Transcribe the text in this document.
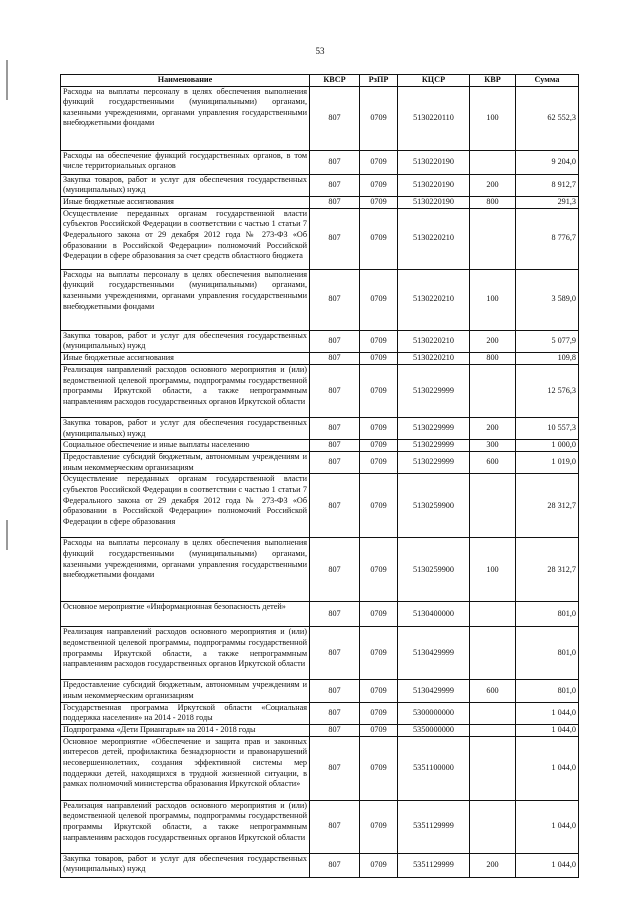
53
Наименование	КВСР	РзПР	КЦСР	КВР	Сумма
Расходы на выплаты персоналу в целях обеспечения выполнения функций государственными (муниципальными) органами, казенными учреждениями, органами управления государственными внебюджетными фондами	807	0709	5130220110	100	62 552,3
Расходы на обеспечение функций государственных органов, в том числе территориальных органов	807	0709	5130220190		9 204,0
Закупка товаров, работ и услуг для обеспечения государственных (муниципальных) нужд	807	0709	5130220190	200	8 912,7
Иные бюджетные ассигнования	807	0709	5130220190	800	291,3
Осуществление переданных органам государственной власти субъектов Российской Федерации в соответствии с частью 1 статьи 7 Федерального закона от 29 декабря 2012 года № 273-ФЗ «Об образовании в Российской Федерации» полномочий Российской Федерации в сфере образования за счет средств областного бюджета	807	0709	5130220210		8 776,7
Расходы на выплаты персоналу в целях обеспечения выполнения функций государственными (муниципальными) органами, казенными учреждениями, органами управления государственными внебюджетными фондами	807	0709	5130220210	100	3 589,0
Закупка товаров, работ и услуг для обеспечения государственных (муниципальных) нужд	807	0709	5130220210	200	5 077,9
Иные бюджетные ассигнования	807	0709	5130220210	800	109,8
Реализация направлений расходов основного мероприятия и (или) ведомственной целевой программы, подпрограммы государственной программы Иркутской области, а также непрограммным направлениям расходов государственных органов Иркутской области	807	0709	5130229999		12 576,3
Закупка товаров, работ и услуг для обеспечения государственных (муниципальных) нужд	807	0709	5130229999	200	10 557,3
Социальное обеспечение и иные выплаты населению	807	0709	5130229999	300	1 000,0
Предоставление субсидий бюджетным, автономным учреждениям и иным некоммерческим организациям	807	0709	5130229999	600	1 019,0
Осуществление переданных органам государственной власти субъектов Российской Федерации в соответствии с частью 1 статьи 7 Федерального закона от 29 декабря 2012 года № 273-ФЗ «Об образовании в Российской Федерации» полномочий Российской Федерации в сфере образования	807	0709	5130259900		28 312,7
Расходы на выплаты персоналу в целях обеспечения выполнения функций государственными (муниципальными) органами, казенными учреждениями, органами управления государственными внебюджетными фондами	807	0709	5130259900	100	28 312,7
Основное мероприятие «Информационная безопасность детей»	807	0709	5130400000		801,0
Реализация направлений расходов основного мероприятия и (или) ведомственной целевой программы, подпрограммы государственной программы Иркутской области, а также непрограммным направлениям расходов государственных органов Иркутской области	807	0709	5130429999		801,0
Предоставление субсидий бюджетным, автономным учреждениям и иным некоммерческим организациям	807	0709	5130429999	600	801,0
Государственная программа Иркутской области «Социальная поддержка населения» на 2014 - 2018 годы	807	0709	5300000000		1 044,0
Подпрограмма «Дети Приангарья» на 2014 - 2018 годы	807	0709	5350000000		1 044,0
Основное мероприятие «Обеспечение и защита прав и законных интересов детей, профилактика безнадзорности и правонарушений несовершеннолетних, создания эффективной системы мер поддержки детей, находящихся в трудной жизненной ситуации, в рамках полномочий министерства образования Иркутской области»	807	0709	5351100000		1 044,0
Реализация направлений расходов основного мероприятия и (или) ведомственной целевой программы, подпрограммы государственной программы Иркутской области, а также непрограммным направлениям расходов государственных органов Иркутской области	807	0709	5351129999		1 044,0
Закупка товаров, работ и услуг для обеспечения государственных (муниципальных) нужд	807	0709	5351129999	200	1 044,0
